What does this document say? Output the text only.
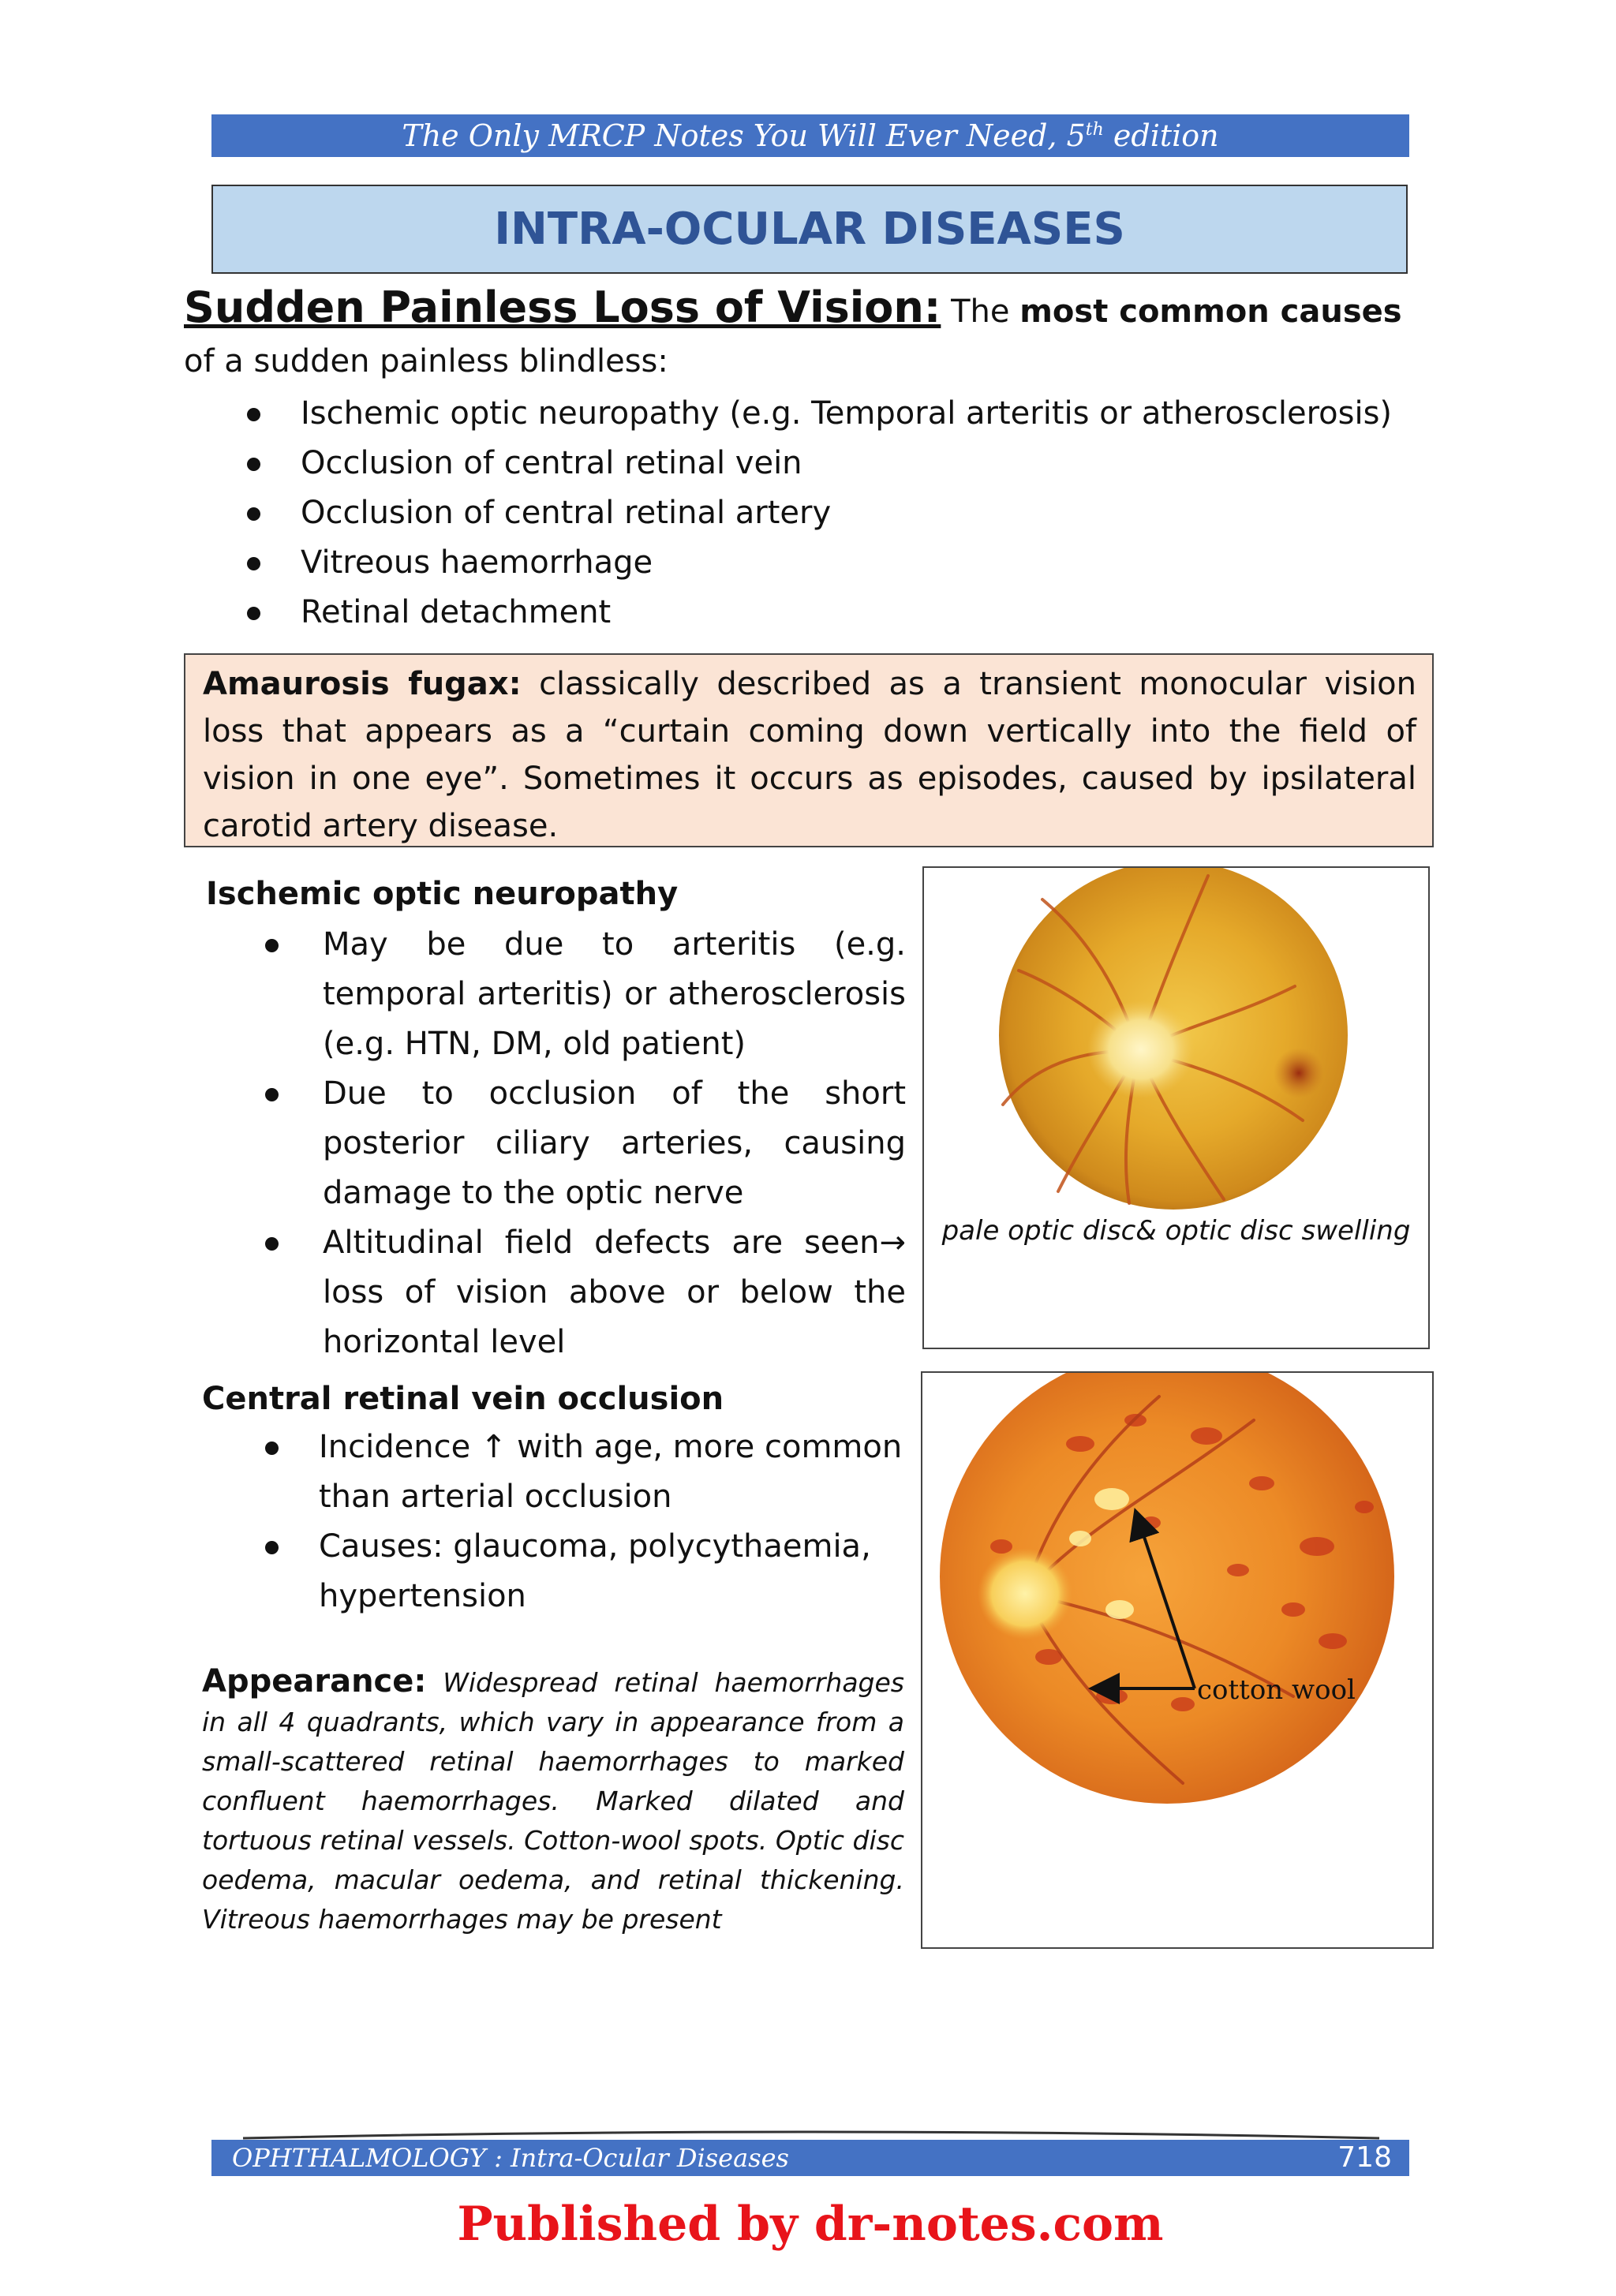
The Only MRCP Notes You Will Ever Need, 5th edition
INTRA-OCULAR DISEASES
Sudden Painless Loss of Vision: The most common causes of a sudden painless blindless:
Ischemic optic neuropathy (e.g. Temporal arteritis or atherosclerosis)
Occlusion of central retinal vein
Occlusion of central retinal artery
Vitreous haemorrhage
Retinal detachment
Amaurosis fugax: classically described as a transient monocular vision loss that appears as a “curtain coming down vertically into the field of vision in one eye”. Sometimes it occurs as episodes, caused by ipsilateral carotid artery disease.
Ischemic optic neuropathy
May be due to arteritis (e.g. temporal arteritis) or atherosclerosis (e.g. HTN, DM, old patient)
Due to occlusion of the short posterior ciliary arteries, causing damage to the optic nerve
Altitudinal field defects are seen→ loss of vision above or below the horizontal level
pale optic disc& optic disc swelling
Central retinal vein occlusion
Incidence ↑ with age, more common than arterial occlusion
Causes: glaucoma, polycythaemia, hypertension
Appearance: Widespread retinal haemorrhages in all 4 quadrants, which vary in appearance from a small-scattered retinal haemorrhages to marked confluent haemorrhages. Marked dilated and tortuous retinal vessels. Cotton-wool spots. Optic disc oedema, macular oedema, and retinal thickening. Vitreous haemorrhages may be present
cotton wool
OPHTHALMOLOGY : Intra-Ocular Diseases	718
Published by dr-notes.com
